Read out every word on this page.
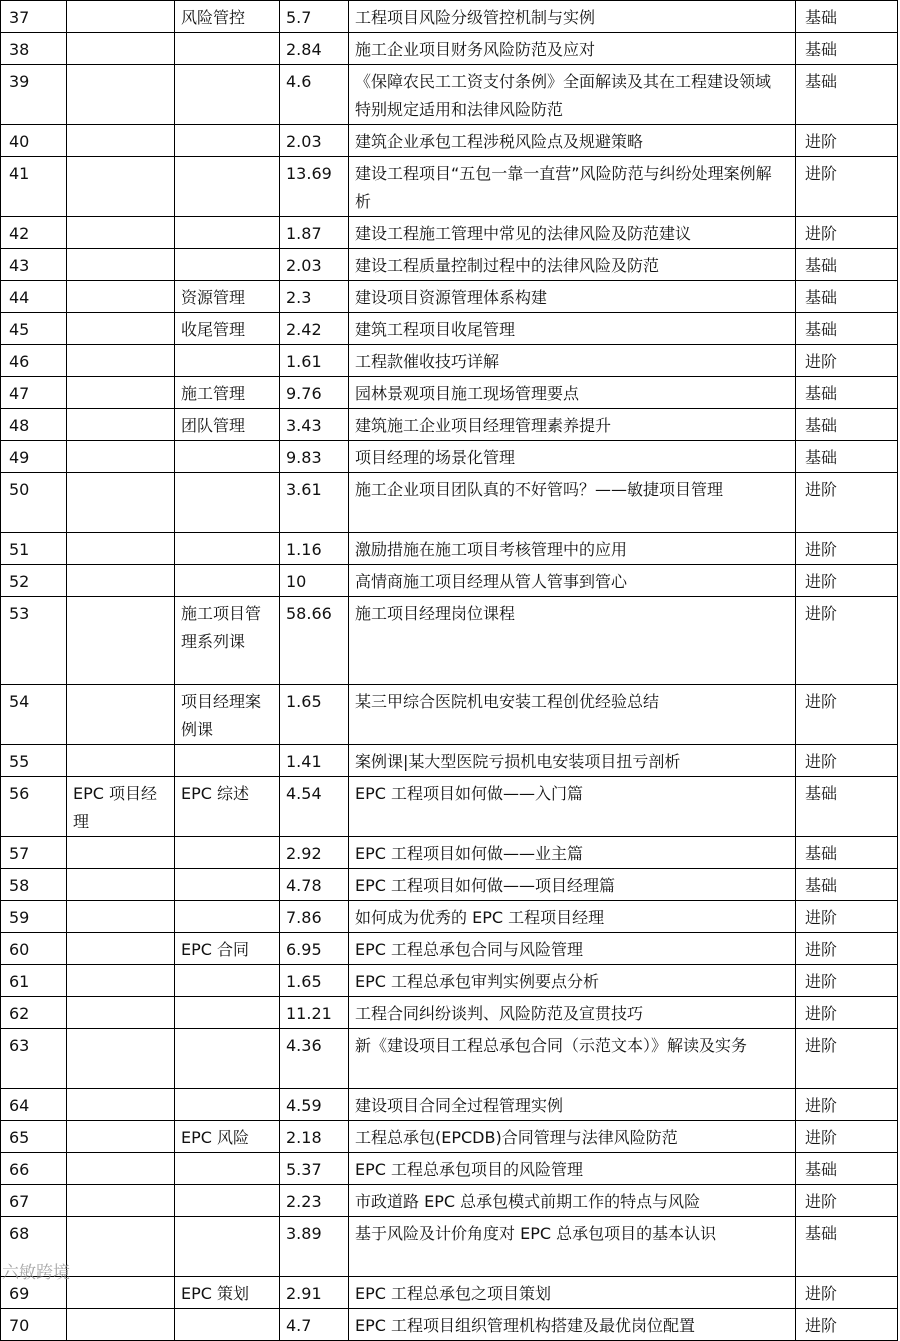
37		风险管控	5.7	工程项目风险分级管控机制与实例	基础
38			2.84	施工企业项目财务风险防范及应对	基础
39			4.6	《保障农民工工资支付条例》全面解读及其在工程建设领域特别规定适用和法律风险防范	基础
40			2.03	建筑企业承包工程涉税风险点及规避策略	进阶
41			13.69	建设工程项目“五包一靠一直营”风险防范与纠纷处理案例解析	进阶
42			1.87	建设工程施工管理中常见的法律风险及防范建议	进阶
43			2.03	建设工程质量控制过程中的法律风险及防范	基础
44		资源管理	2.3	建设项目资源管理体系构建	基础
45		收尾管理	2.42	建筑工程项目收尾管理	基础
46			1.61	工程款催收技巧详解	进阶
47		施工管理	9.76	园林景观项目施工现场管理要点	基础
48		团队管理	3.43	建筑施工企业项目经理管理素养提升	基础
49			9.83	项目经理的场景化管理	基础
50			3.61	施工企业项目团队真的不好管吗？——敏捷项目管理	进阶
51			1.16	激励措施在施工项目考核管理中的应用	进阶
52			10	高情商施工项目经理从管人管事到管心	进阶
53		施工项目管理系列课	58.66	施工项目经理岗位课程	进阶
54		项目经理案例课	1.65	某三甲综合医院机电安装工程创优经验总结	进阶
55			1.41	案例课|某大型医院亏损机电安装项目扭亏剖析	进阶
56	EPC 项目经理	EPC 综述	4.54	EPC 工程项目如何做——入门篇	基础
57			2.92	EPC 工程项目如何做——业主篇	基础
58			4.78	EPC 工程项目如何做——项目经理篇	基础
59			7.86	如何成为优秀的 EPC 工程项目经理	进阶
60		EPC 合同	6.95	EPC 工程总承包合同与风险管理	进阶
61			1.65	EPC 工程总承包审判实例要点分析	进阶
62			11.21	工程合同纠纷谈判、风险防范及宣贯技巧	进阶
63			4.36	新《建设项目工程总承包合同（示范文本）》解读及实务	进阶
64			4.59	建设项目合同全过程管理实例	进阶
65		EPC 风险	2.18	工程总承包(EPCDB)合同管理与法律风险防范	进阶
66			5.37	EPC 工程总承包项目的风险管理	基础
67			2.23	市政道路 EPC 总承包模式前期工作的特点与风险	进阶
68			3.89	基于风险及计价角度对 EPC 总承包项目的基本认识	基础
69		EPC 策划	2.91	EPC 工程总承包之项目策划	进阶
70			4.7	EPC 工程项目组织管理机构搭建及最优岗位配置	进阶
六敏跨境
